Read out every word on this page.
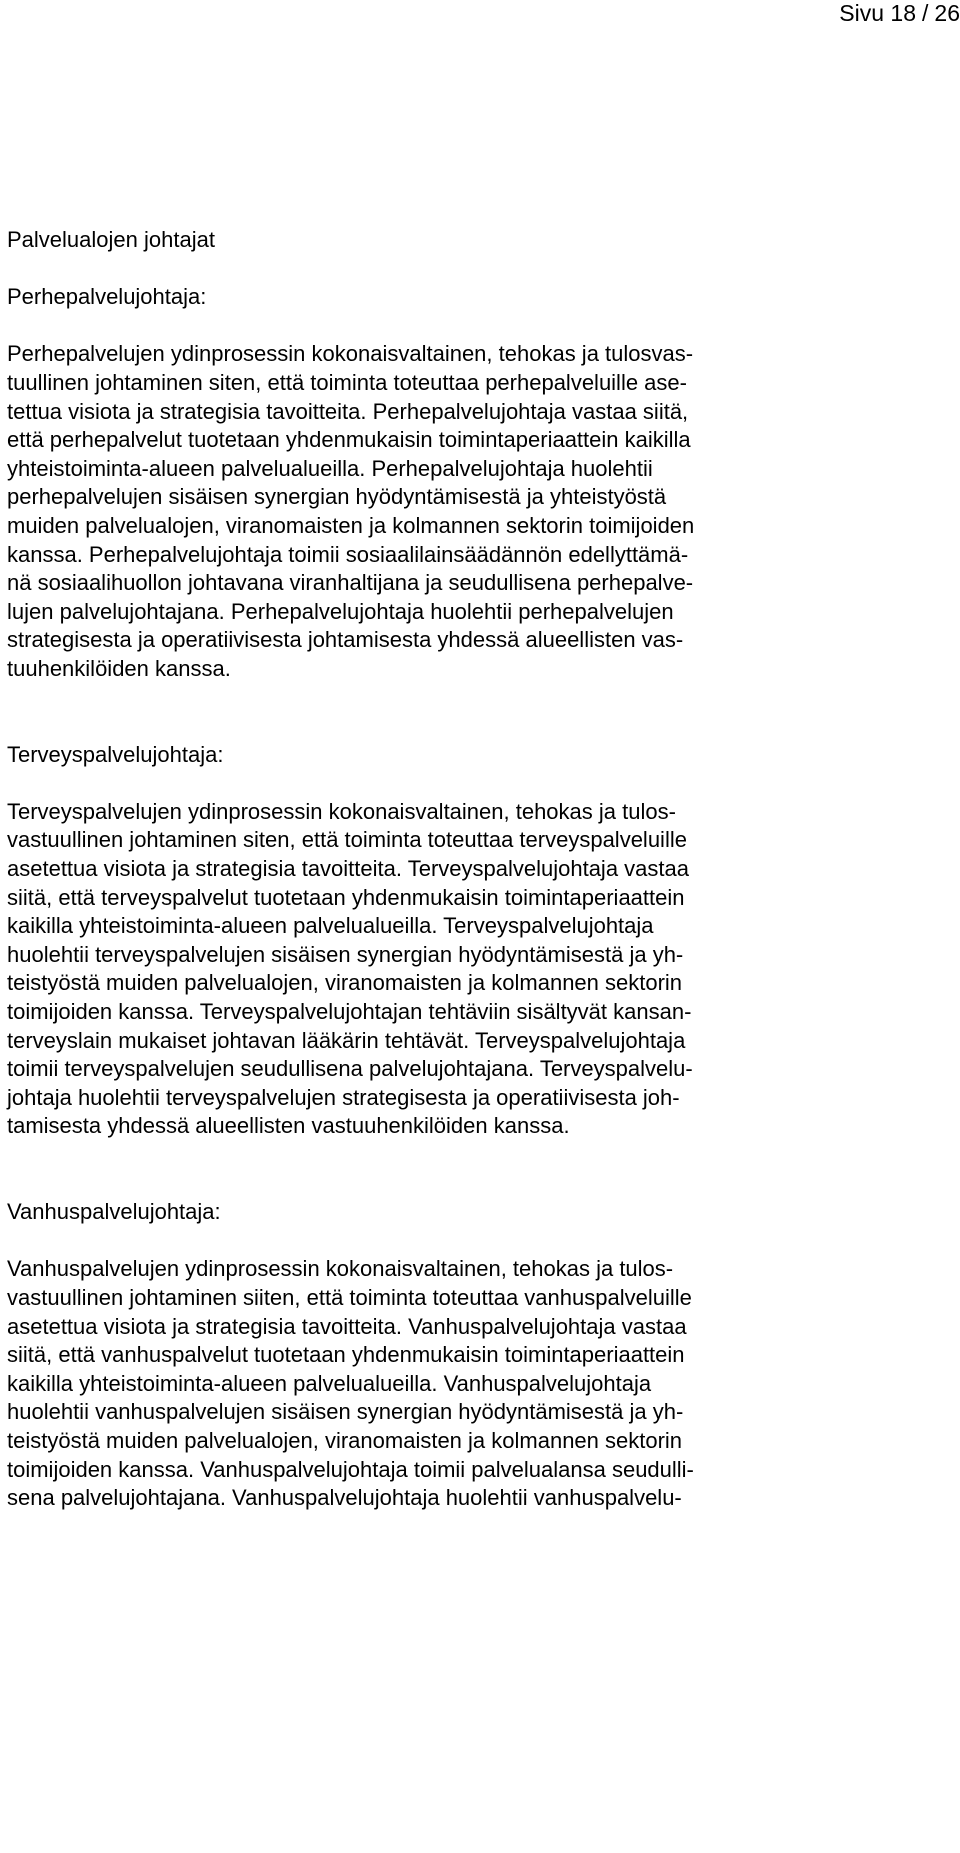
Sivu 18 / 26
Palvelualojen johtajat
Perhepalvelujohtaja:
Perhepalvelujen ydinprosessin kokonaisvaltainen, tehokas ja tulosvas-
tuullinen johtaminen siten, että toiminta toteuttaa perhepalveluille ase-
tettua visiota ja strategisia tavoitteita. Perhepalvelujohtaja vastaa siitä,
että perhepalvelut tuotetaan yhdenmukaisin toimintaperiaattein kaikilla
yhteistoiminta-alueen palvelualueilla. Perhepalvelujohtaja huolehtii
perhepalvelujen sisäisen synergian hyödyntämisestä ja yhteistyöstä
muiden palvelualojen, viranomaisten ja kolmannen sektorin toimijoiden
kanssa. Perhepalvelujohtaja toimii sosiaalilainsäädännön edellyttämä-
nä sosiaalihuollon johtavana viranhaltijana ja seudullisena perhepalve-
lujen palvelujohtajana. Perhepalvelujohtaja huolehtii perhepalvelujen
strategisesta ja operatiivisesta johtamisesta yhdessä alueellisten vas-
tuuhenkilöiden kanssa.
Terveyspalvelujohtaja:
Terveyspalvelujen ydinprosessin kokonaisvaltainen, tehokas ja tulos-
vastuullinen johtaminen siten, että toiminta toteuttaa terveyspalveluille
asetettua visiota ja strategisia tavoitteita. Terveyspalvelujohtaja vastaa
siitä, että terveyspalvelut tuotetaan yhdenmukaisin toimintaperiaattein
kaikilla yhteistoiminta-alueen palvelualueilla. Terveyspalvelujohtaja
huolehtii terveyspalvelujen sisäisen synergian hyödyntämisestä ja yh-
teistyöstä muiden palvelualojen, viranomaisten ja kolmannen sektorin
toimijoiden kanssa. Terveyspalvelujohtajan tehtäviin sisältyvät kansan-
terveyslain mukaiset johtavan lääkärin tehtävät. Terveyspalvelujohtaja
toimii terveyspalvelujen seudullisena palvelujohtajana. Terveyspalvelu-
johtaja huolehtii terveyspalvelujen strategisesta ja operatiivisesta joh-
tamisesta yhdessä alueellisten vastuuhenkilöiden kanssa.
Vanhuspalvelujohtaja:
Vanhuspalvelujen ydinprosessin kokonaisvaltainen, tehokas ja tulos-
vastuullinen johtaminen siiten, että toiminta toteuttaa vanhuspalveluille
asetettua visiota ja strategisia tavoitteita. Vanhuspalvelujohtaja vastaa
siitä, että vanhuspalvelut tuotetaan yhdenmukaisin toimintaperiaattein
kaikilla yhteistoiminta-alueen palvelualueilla. Vanhuspalvelujohtaja
huolehtii vanhuspalvelujen sisäisen synergian hyödyntämisestä ja yh-
teistyöstä muiden palvelualojen, viranomaisten ja kolmannen sektorin
toimijoiden kanssa. Vanhuspalvelujohtaja toimii palvelualansa seudulli-
sena palvelujohtajana. Vanhuspalvelujohtaja huolehtii vanhuspalvelu-
